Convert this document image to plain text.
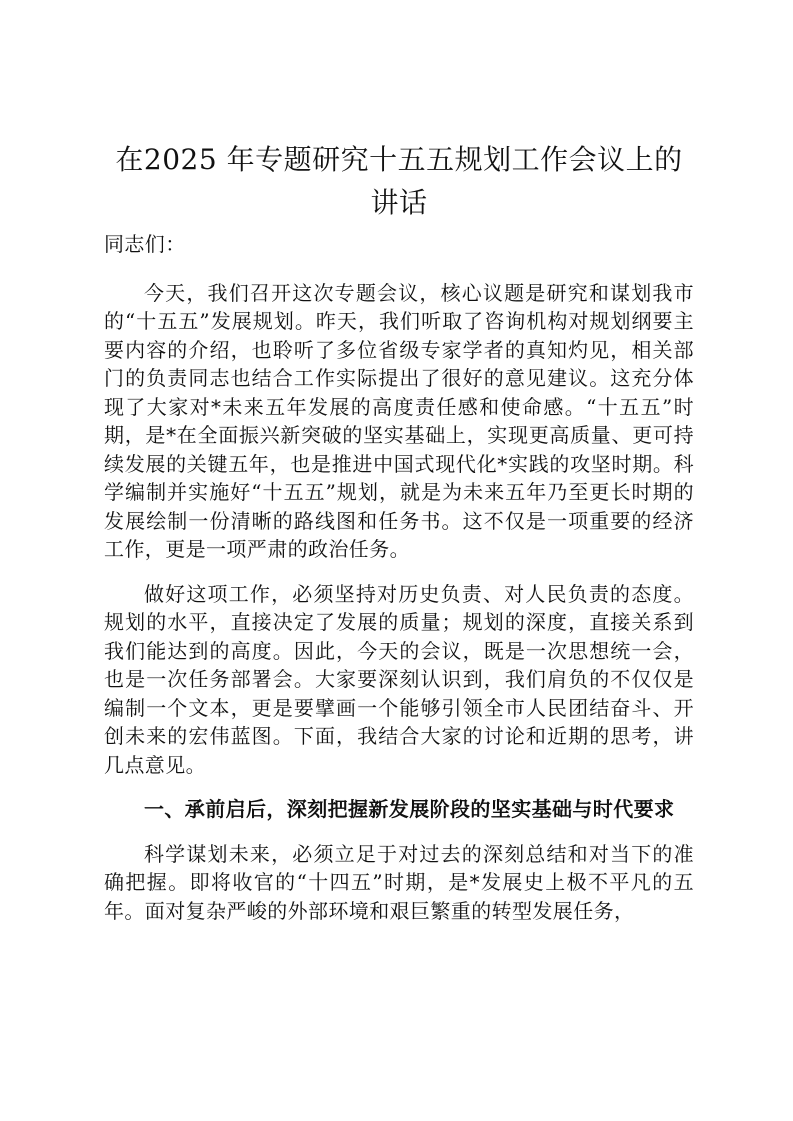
在2025 年专题研究十五五规划工作会议上的讲话

同志们：

今天，我们召开这次专题会议，核心议题是研究和谋划我市的“十五五”发展规划。昨天，我们听取了咨询机构对规划纲要主要内容的介绍，也聆听了多位省级专家学者的真知灼见，相关部门的负责同志也结合工作实际提出了很好的意见建议。这充分体现了大家对*未来五年发展的高度责任感和使命感。“十五五”时期，是*在全面振兴新突破的坚实基础上，实现更高质量、更可持续发展的关键五年，也是推进中国式现代化*实践的攻坚时期。科学编制并实施好“十五五”规划，就是为未来五年乃至更长时期的发展绘制一份清晰的路线图和任务书。这不仅是一项重要的经济工作，更是一项严肃的政治任务。

做好这项工作，必须坚持对历史负责、对人民负责的态度。规划的水平，直接决定了发展的质量；规划的深度，直接关系到我们能达到的高度。因此，今天的会议，既是一次思想统一会，也是一次任务部署会。大家要深刻认识到，我们肩负的不仅仅是编制一个文本，更是要擘画一个能够引领全市人民团结奋斗、开创未来的宏伟蓝图。下面，我结合大家的讨论和近期的思考，讲几点意见。

一、承前启后，深刻把握新发展阶段的坚实基础与时代要求

科学谋划未来，必须立足于对过去的深刻总结和对当下的准确把握。即将收官的“十四五”时期，是*发展史上极不平凡的五年。面对复杂严峻的外部环境和艰巨繁重的转型发展任务，
